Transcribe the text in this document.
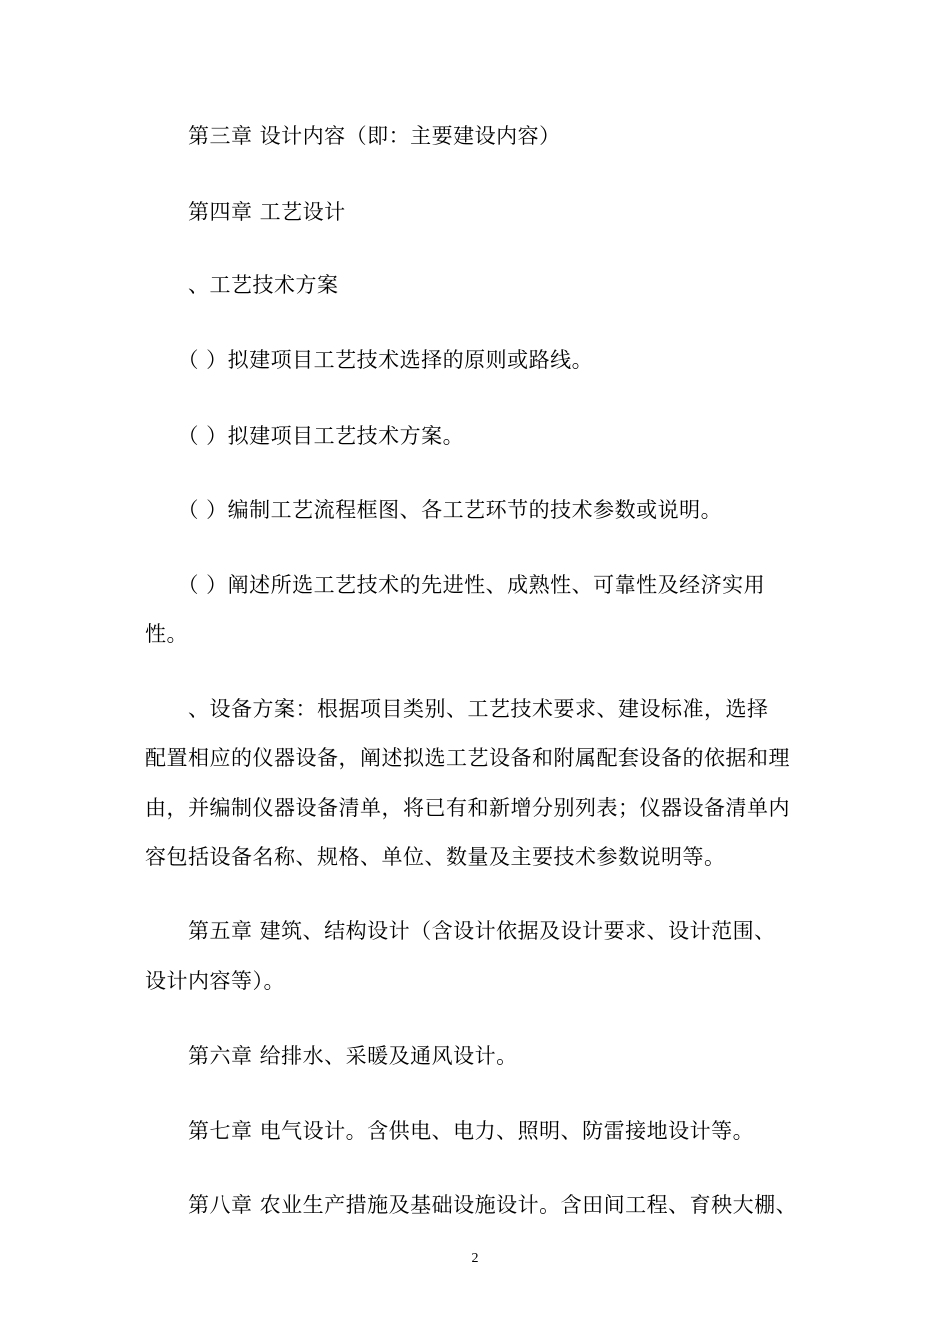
　　第三章 设计内容（即：主要建设内容）
　　第四章 工艺设计
　　、工艺技术方案
　　（ ）拟建项目工艺技术选择的原则或路线。
　　（ ）拟建项目工艺技术方案。
　　（ ）编制工艺流程框图、各工艺环节的技术参数或说明。
　　（ ）阐述所选工艺技术的先进性、成熟性、可靠性及经济实用
性。
　　、设备方案：根据项目类别、工艺技术要求、建设标准，选择
配置相应的仪器设备，阐述拟选工艺设备和附属配套设备的依据和理
由，并编制仪器设备清单，将已有和新增分别列表；仪器设备清单内
容包括设备名称、规格、单位、数量及主要技术参数说明等。
　　第五章 建筑、结构设计（含设计依据及设计要求、设计范围、
设计内容等）。
　　第六章 给排水、采暖及通风设计。
　　第七章 电气设计。含供电、电力、照明、防雷接地设计等。
　　第八章 农业生产措施及基础设施设计。含田间工程、育秧大棚、
2
